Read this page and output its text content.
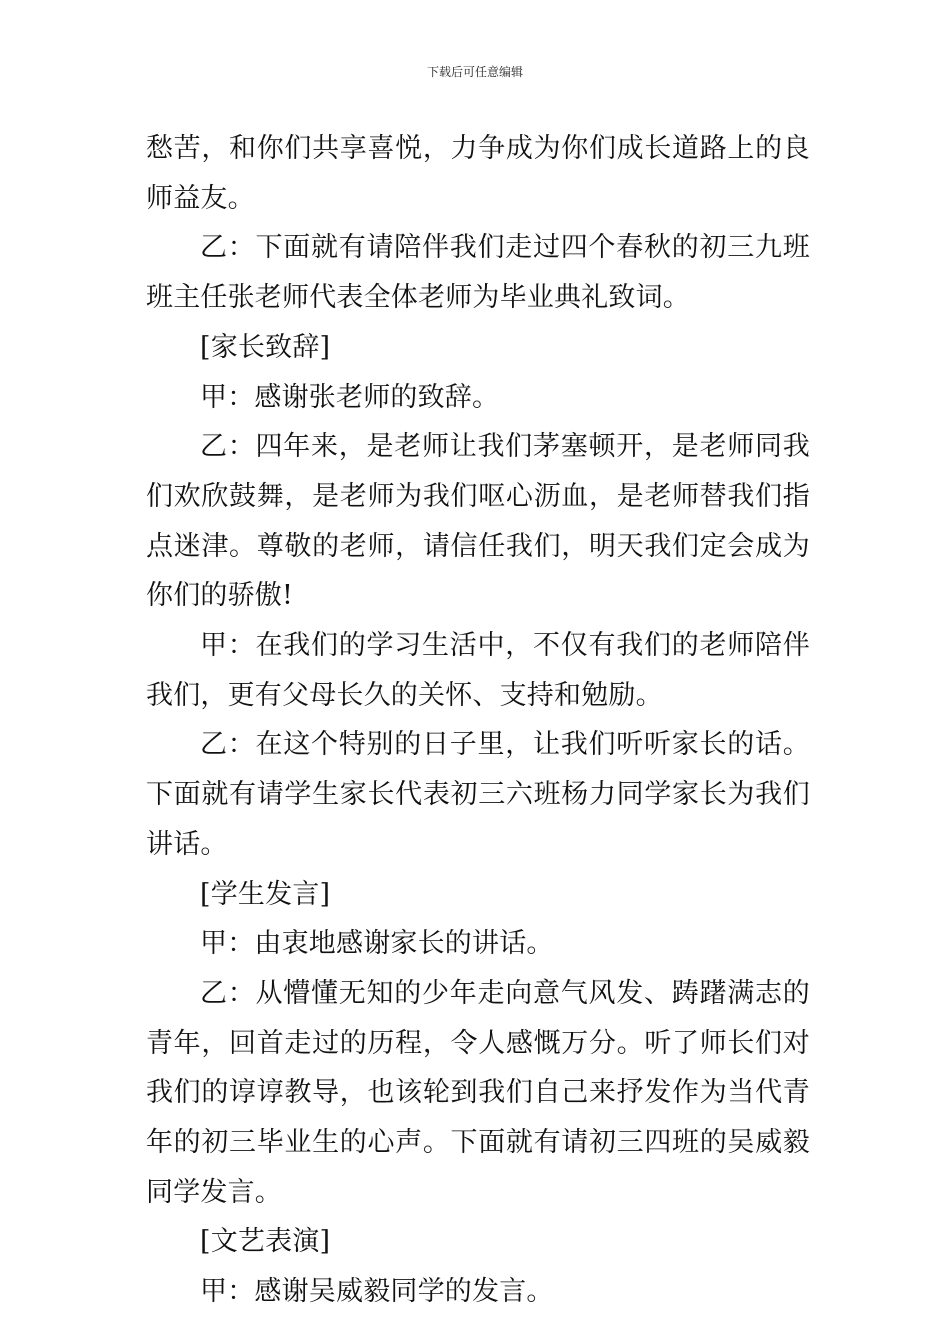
下载后可任意编辑

愁苦，和你们共享喜悦，力争成为你们成长道路上的良师益友。

乙：下面就有请陪伴我们走过四个春秋的初三九班班主任张老师代表全体老师为毕业典礼致词。

[家长致辞]

甲：感谢张老师的致辞。

乙：四年来，是老师让我们茅塞顿开，是老师同我们欢欣鼓舞，是老师为我们呕心沥血，是老师替我们指点迷津。尊敬的老师，请信任我们，明天我们定会成为你们的骄傲!

甲：在我们的学习生活中，不仅有我们的老师陪伴我们，更有父母长久的关怀、支持和勉励。

乙：在这个特别的日子里，让我们听听家长的话。下面就有请学生家长代表初三六班杨力同学家长为我们讲话。

[学生发言]

甲：由衷地感谢家长的讲话。

乙：从懵懂无知的少年走向意气风发、踌躇满志的青年，回首走过的历程，令人感慨万分。听了师长们对我们的谆谆教导，也该轮到我们自己来抒发作为当代青年的初三毕业生的心声。下面就有请初三四班的吴威毅同学发言。

[文艺表演]

甲：感谢吴威毅同学的发言。
